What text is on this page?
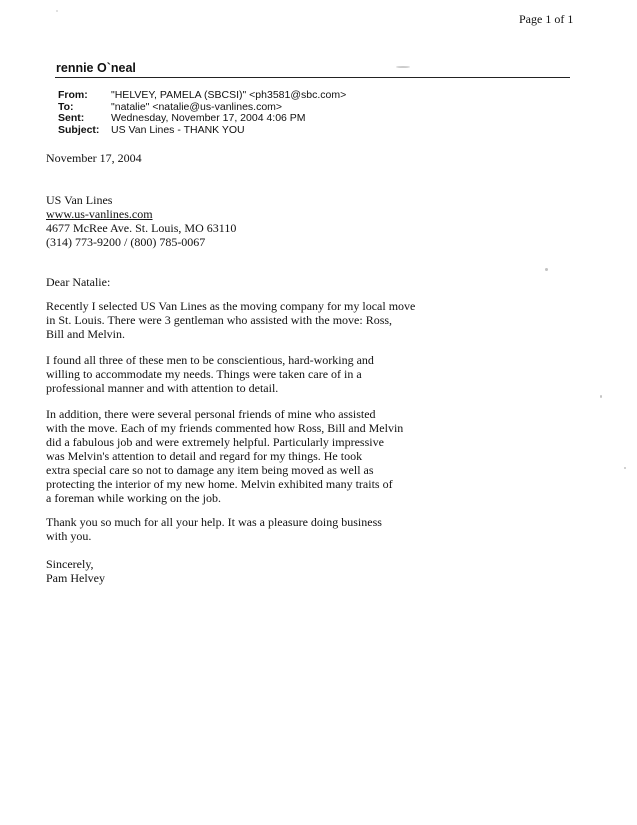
Page 1 of 1
rennie O`neal
From:	"HELVEY, PAMELA (SBCSI)" <ph3581@sbc.com>
To:	"natalie" <natalie@us-vanlines.com>
Sent:	Wednesday, November 17, 2004 4:06 PM
Subject:	US Van Lines - THANK YOU
November 17, 2004
US Van Lines
www.us-vanlines.com
4677 McRee Ave. St. Louis, MO 63110
(314) 773-9200 / (800) 785-0067
Dear Natalie:
Recently I selected US Van Lines as the moving company for my local move
in St. Louis. There were 3 gentleman who assisted with the move: Ross,
Bill and Melvin.
I found all three of these men to be conscientious, hard-working and
willing to accommodate my needs. Things were taken care of in a
professional manner and with attention to detail.
In addition, there were several personal friends of mine who assisted
with the move. Each of my friends commented how Ross, Bill and Melvin
did a fabulous job and were extremely helpful. Particularly impressive
was Melvin's attention to detail and regard for my things. He took
extra special care so not to damage any item being moved as well as
protecting the interior of my new home. Melvin exhibited many traits of
a foreman while working on the job.
Thank you so much for all your help. It was a pleasure doing business
with you.
Sincerely,
Pam Helvey
